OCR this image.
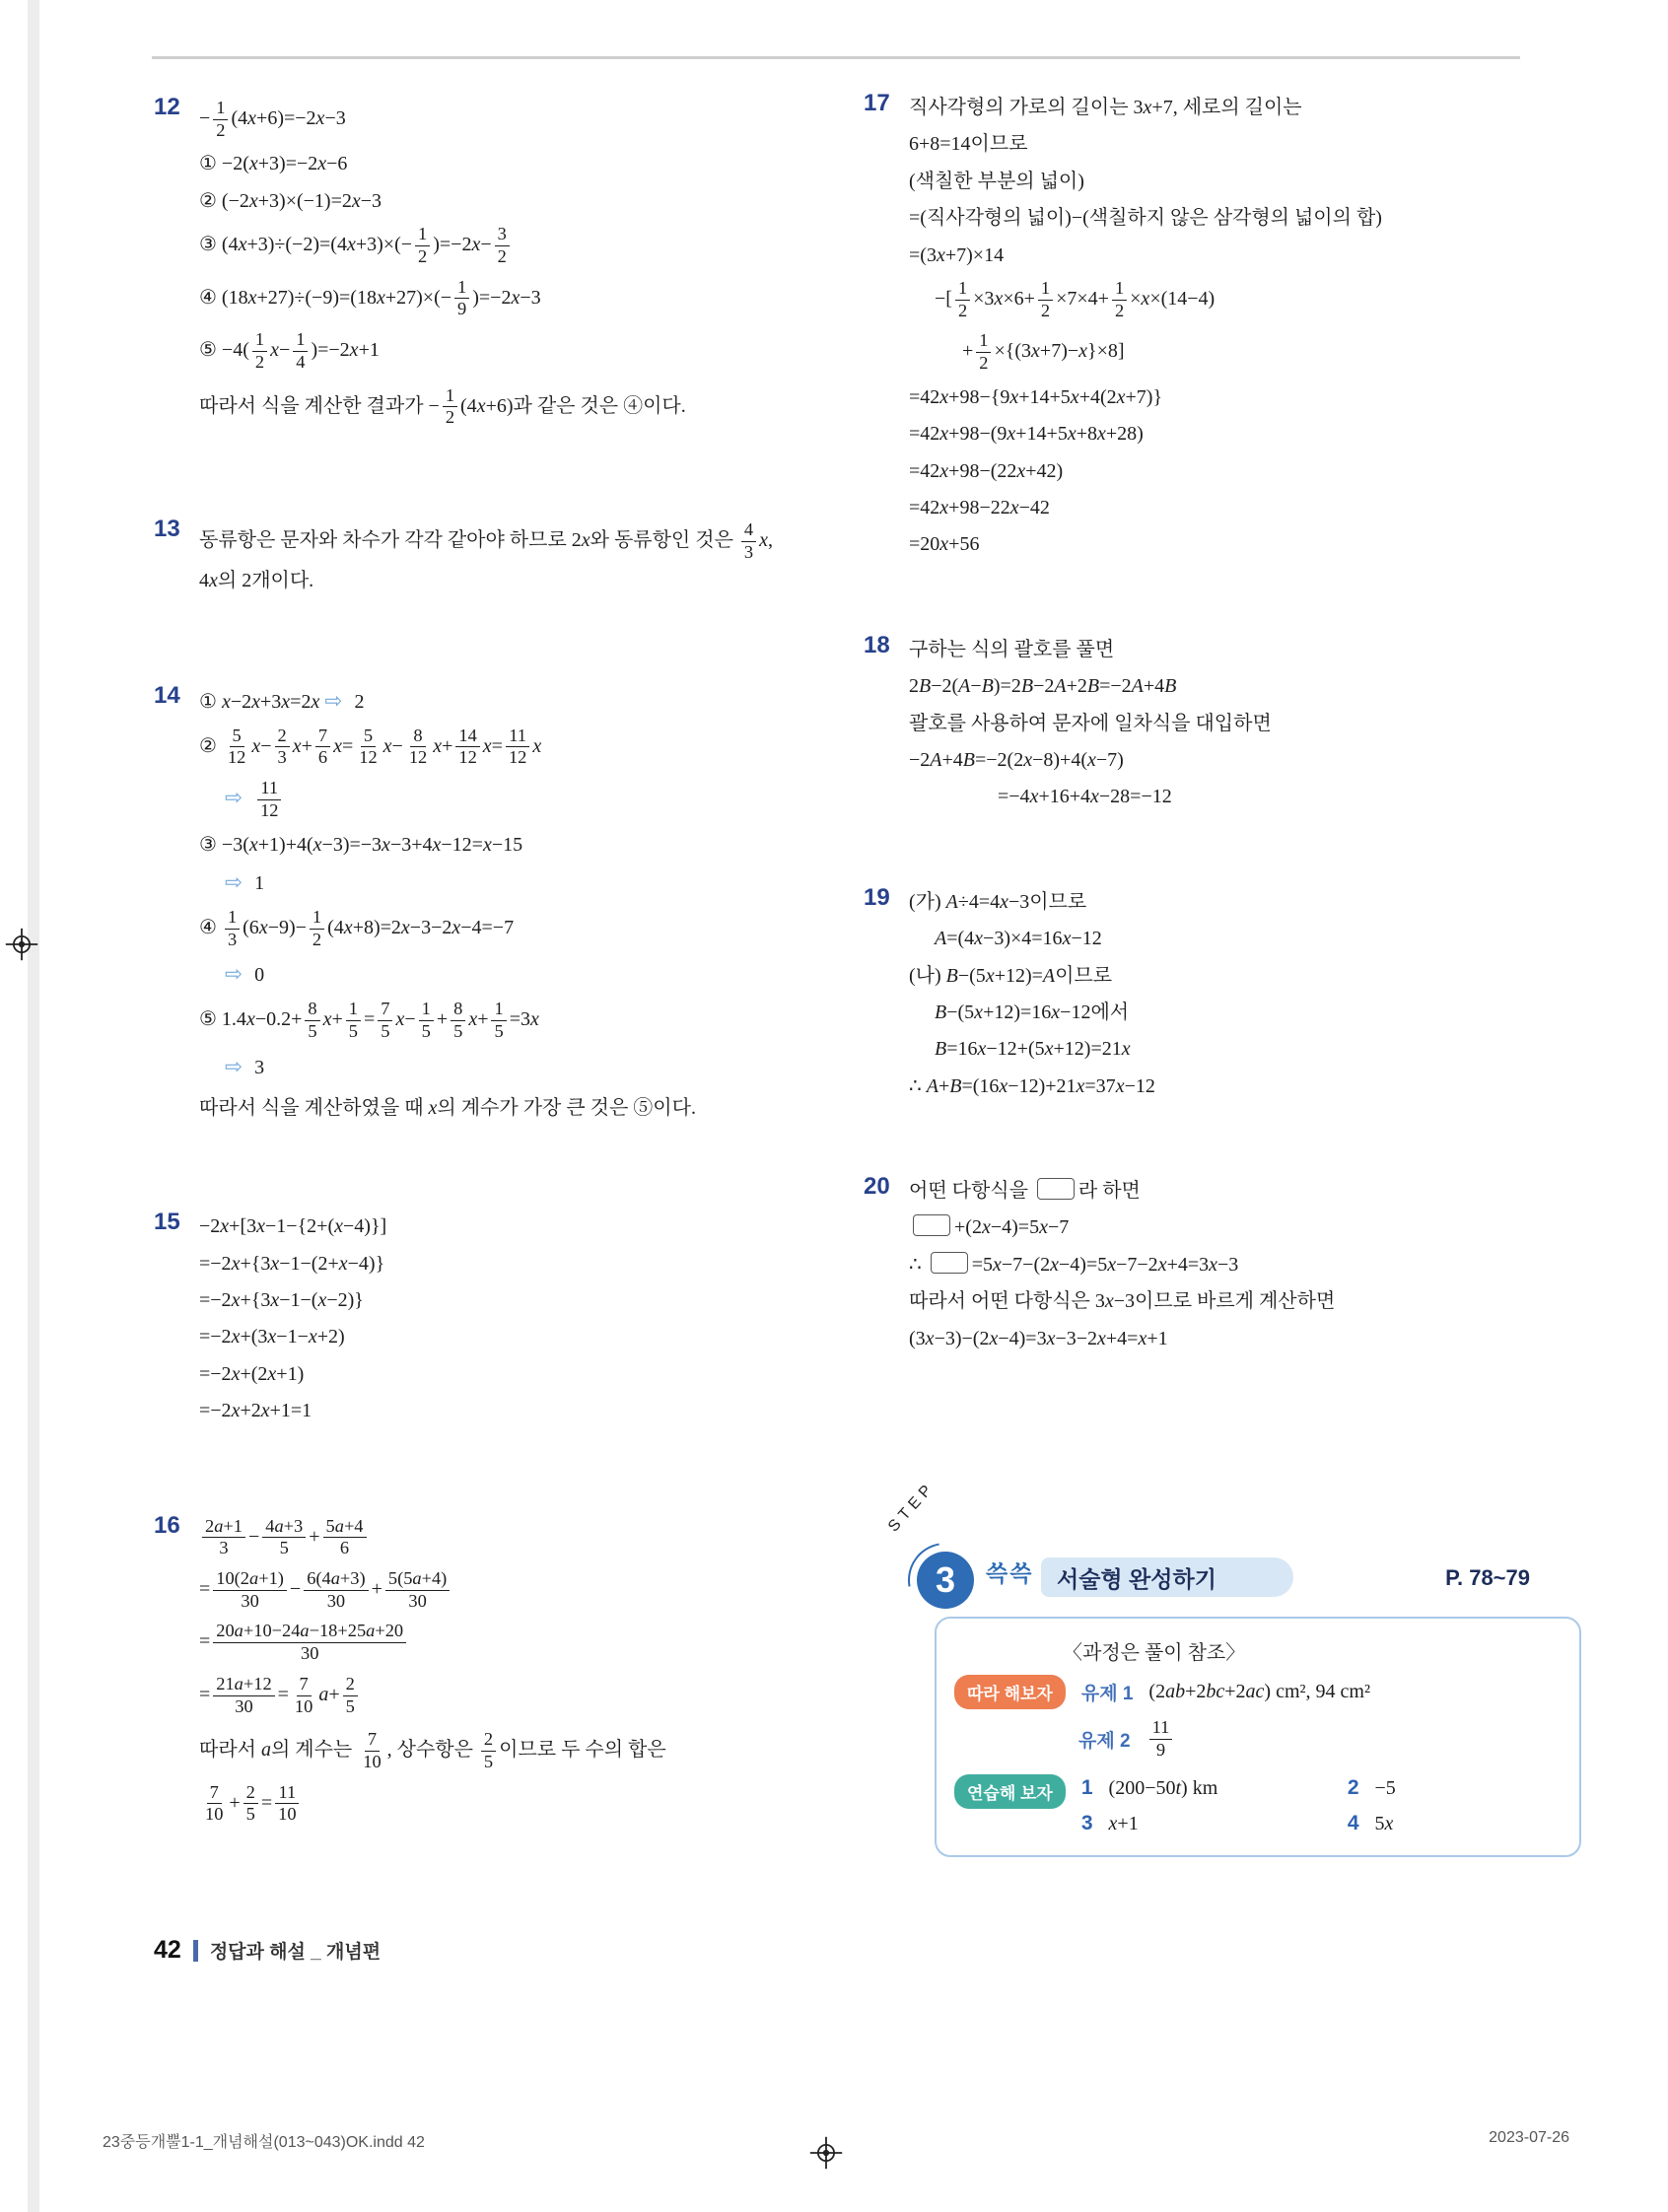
$12 - \frac{1}{2} (4x+6)=-2x-3$
① −2(x+3)=−2x−6
② (−2x+3)×(−1)=2x−3
③ $(4x+3)\div(-2)=(4x+3)\times(- \frac{1}{2} )=-2x- \frac{3}{2}$
④ $(18x+27)\div(-9)=(18x+27)\times(- \frac{1}{9} )=-2x-3$
⑤ $-4( \frac{1}{2} x- \frac{1}{4} )=-2x+1$
따라서 식을 계산한 결과가 − $\frac{1}{2} (4x+6)$과 같은 것은 ④이다.
13 동류항은 문자와 차수가 각각 같아야 하므로 2x와 동류항인 것은 $\frac{4}{3} x$, 4x의 2개이다.
14 ① x−2x+3x=2x ⇨ 2
② $\frac{5}{12} x- \frac{2}{3} x+ \frac{7}{6} x= \frac{5}{12} x- \frac{8}{12} x+ \frac{14}{12} x= \frac{11}{12}$ x
⇨ $\frac{11}{12}$
③ −3(x+1)+4(x−3)=−3x−3+4x−12=x−15
⇨ 1
④ $\frac{1}{3} (6x-9)- \frac{1}{2} (4x+8)=2x-3-2x-4=-7$
⇨ 0
⑤ $1.4x-0.2+ \frac{8}{5} x+ \frac{1}{5} = \frac{7}{5} x- \frac{1}{5} + \frac{8}{5} x+ \frac{1}{5} =3x$
⇨ 3
따라서 식을 계산하였을 때 x의 계수가 가장 큰 것은 ⑤이다.
15 −2x+[3x−1−{2+(x−4)}]
=−2x+{3x−1−(2+x−4)}
=−2x+{3x−1−(x−2)}
=−2x+(3x−1−x+2)
=−2x+(2x+1)
=−2x+2x+1=1
16	$\frac{2a+1}{3} - \frac{4a+3}{5} + \frac{5a+4}{6}$
= $\frac{10(2a+1)}{30} - \frac{6(4a+3)}{30} + \frac{5(5a+4)}{30}$
= $\frac{20a+10-24a-18+25a+20}{30}$
= $\frac{21a+12}{30} = \frac{7}{10} a+ \frac{2}{5}$
따라서 a의 계수는 $\frac{7}{10}$ , 상수항은 $\frac{2}{5}$ 이므로 두 수의 합은
$\frac{7}{10} + \frac{2}{5} = \frac{11}{10}$
17 직사각형의 가로의 길이는 3x+7, 세로의 길이는
6+8=14이므로
(색칠한 부분의 넓이)
=(직사각형의 넓이)−(색칠하지 않은 삼각형의 넓이의 합)
=(3x+7)×14
−[ $\frac{1}{2} \times 3x\times 6+ \frac{1}{2} \times 7\times 4+ \frac{1}{2} \times x\times(14-4)$
+ $\frac{1}{2} \times\{(3x+7)-x\}\times 8$]
=42x+98−{9x+14+5x+4(2x+7)}
=42x+98−(9x+14+5x+8x+28)
=42x+98−(22x+42)
=42x+98−22x−42
=20x+56
18 구하는 식의 괄호를 풀면
2B−2(A−B)=2B−2A+2B=−2A+4B
괄호를 사용하여 문자에 일차식을 대입하면
−2A+4B=−2(2x−8)+4(x−7)
=−4x+16+4x−28=−12
19 (가) A÷4=4x−3이므로
A=(4x−3)×4=16x−12
(나) B−(5x+12)=A이므로
B−(5x+12)=16x−12에서
B=16x−12+(5x+12)=21x
∴ A+B=(16x−12)+21x=37x−12
20 어떤 다항식을 라 하면
+(2x−4)=5x−7
∴ =5x−7−(2x−4)=5x−7−2x+4=3x−3
따라서 어떤 다항식은 3x−3이므로 바르게 계산하면
(3x−3)−(2x−4)=3x−3−2x+4=x+1
STEP
3 쓱쓱 서술형 완성하기	P. 78~79
〈과정은 풀이 참조〉
따라 해보자	유제 1 (2ab+2bc+2ac) cm², 94 cm²
유제 $2 \frac{11}{9}$
연습해 보자	1 (200−50t) km	2 −5
3 x+1	4 5x
42 정답과 해설 _ 개념편
23중등개뿔1-1_개념해설(013~043)OK.indd 42	2023-07-26
